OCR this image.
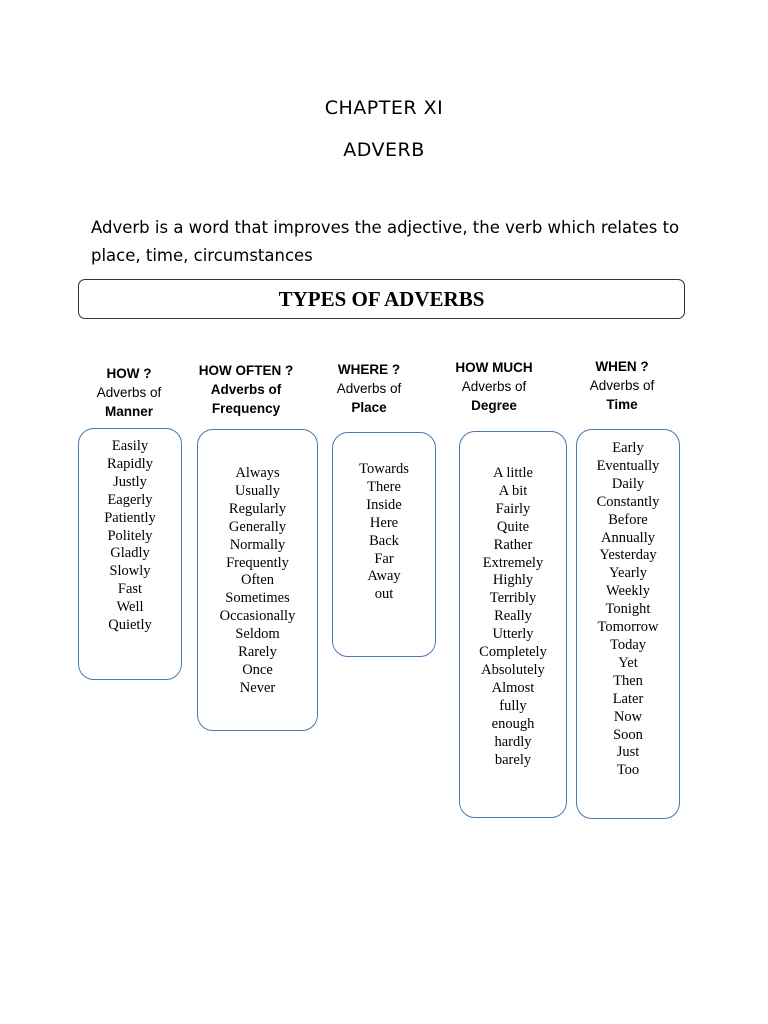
CHAPTER XI
ADVERB
Adverb is a word that improves the adjective, the verb which relates to place, time, circumstances
TYPES OF ADVERBS
HOW ?
Adverbs of
Manner
HOW OFTEN ?
Adverbs of
Frequency
WHERE ?
Adverbs of
Place
HOW MUCH
Adverbs of
Degree
WHEN ?
Adverbs of
Time
Easily
Rapidly
Justly
Eagerly
Patiently
Politely
Gladly
Slowly
Fast
Well
Quietly
Always
Usually
Regularly
Generally
Normally
Frequently
Often
Sometimes
Occasionally
Seldom
Rarely
Once
Never
Towards
There
Inside
Here
Back
Far
Away
out
A little
A bit
Fairly
Quite
Rather
Extremely
Highly
Terribly
Really
Utterly
Completely
Absolutely
Almost
fully
enough
hardly
barely
Early
Eventually
Daily
Constantly
Before
Annually
Yesterday
Yearly
Weekly
Tonight
Tomorrow
Today
Yet
Then
Later
Now
Soon
Just
Too
